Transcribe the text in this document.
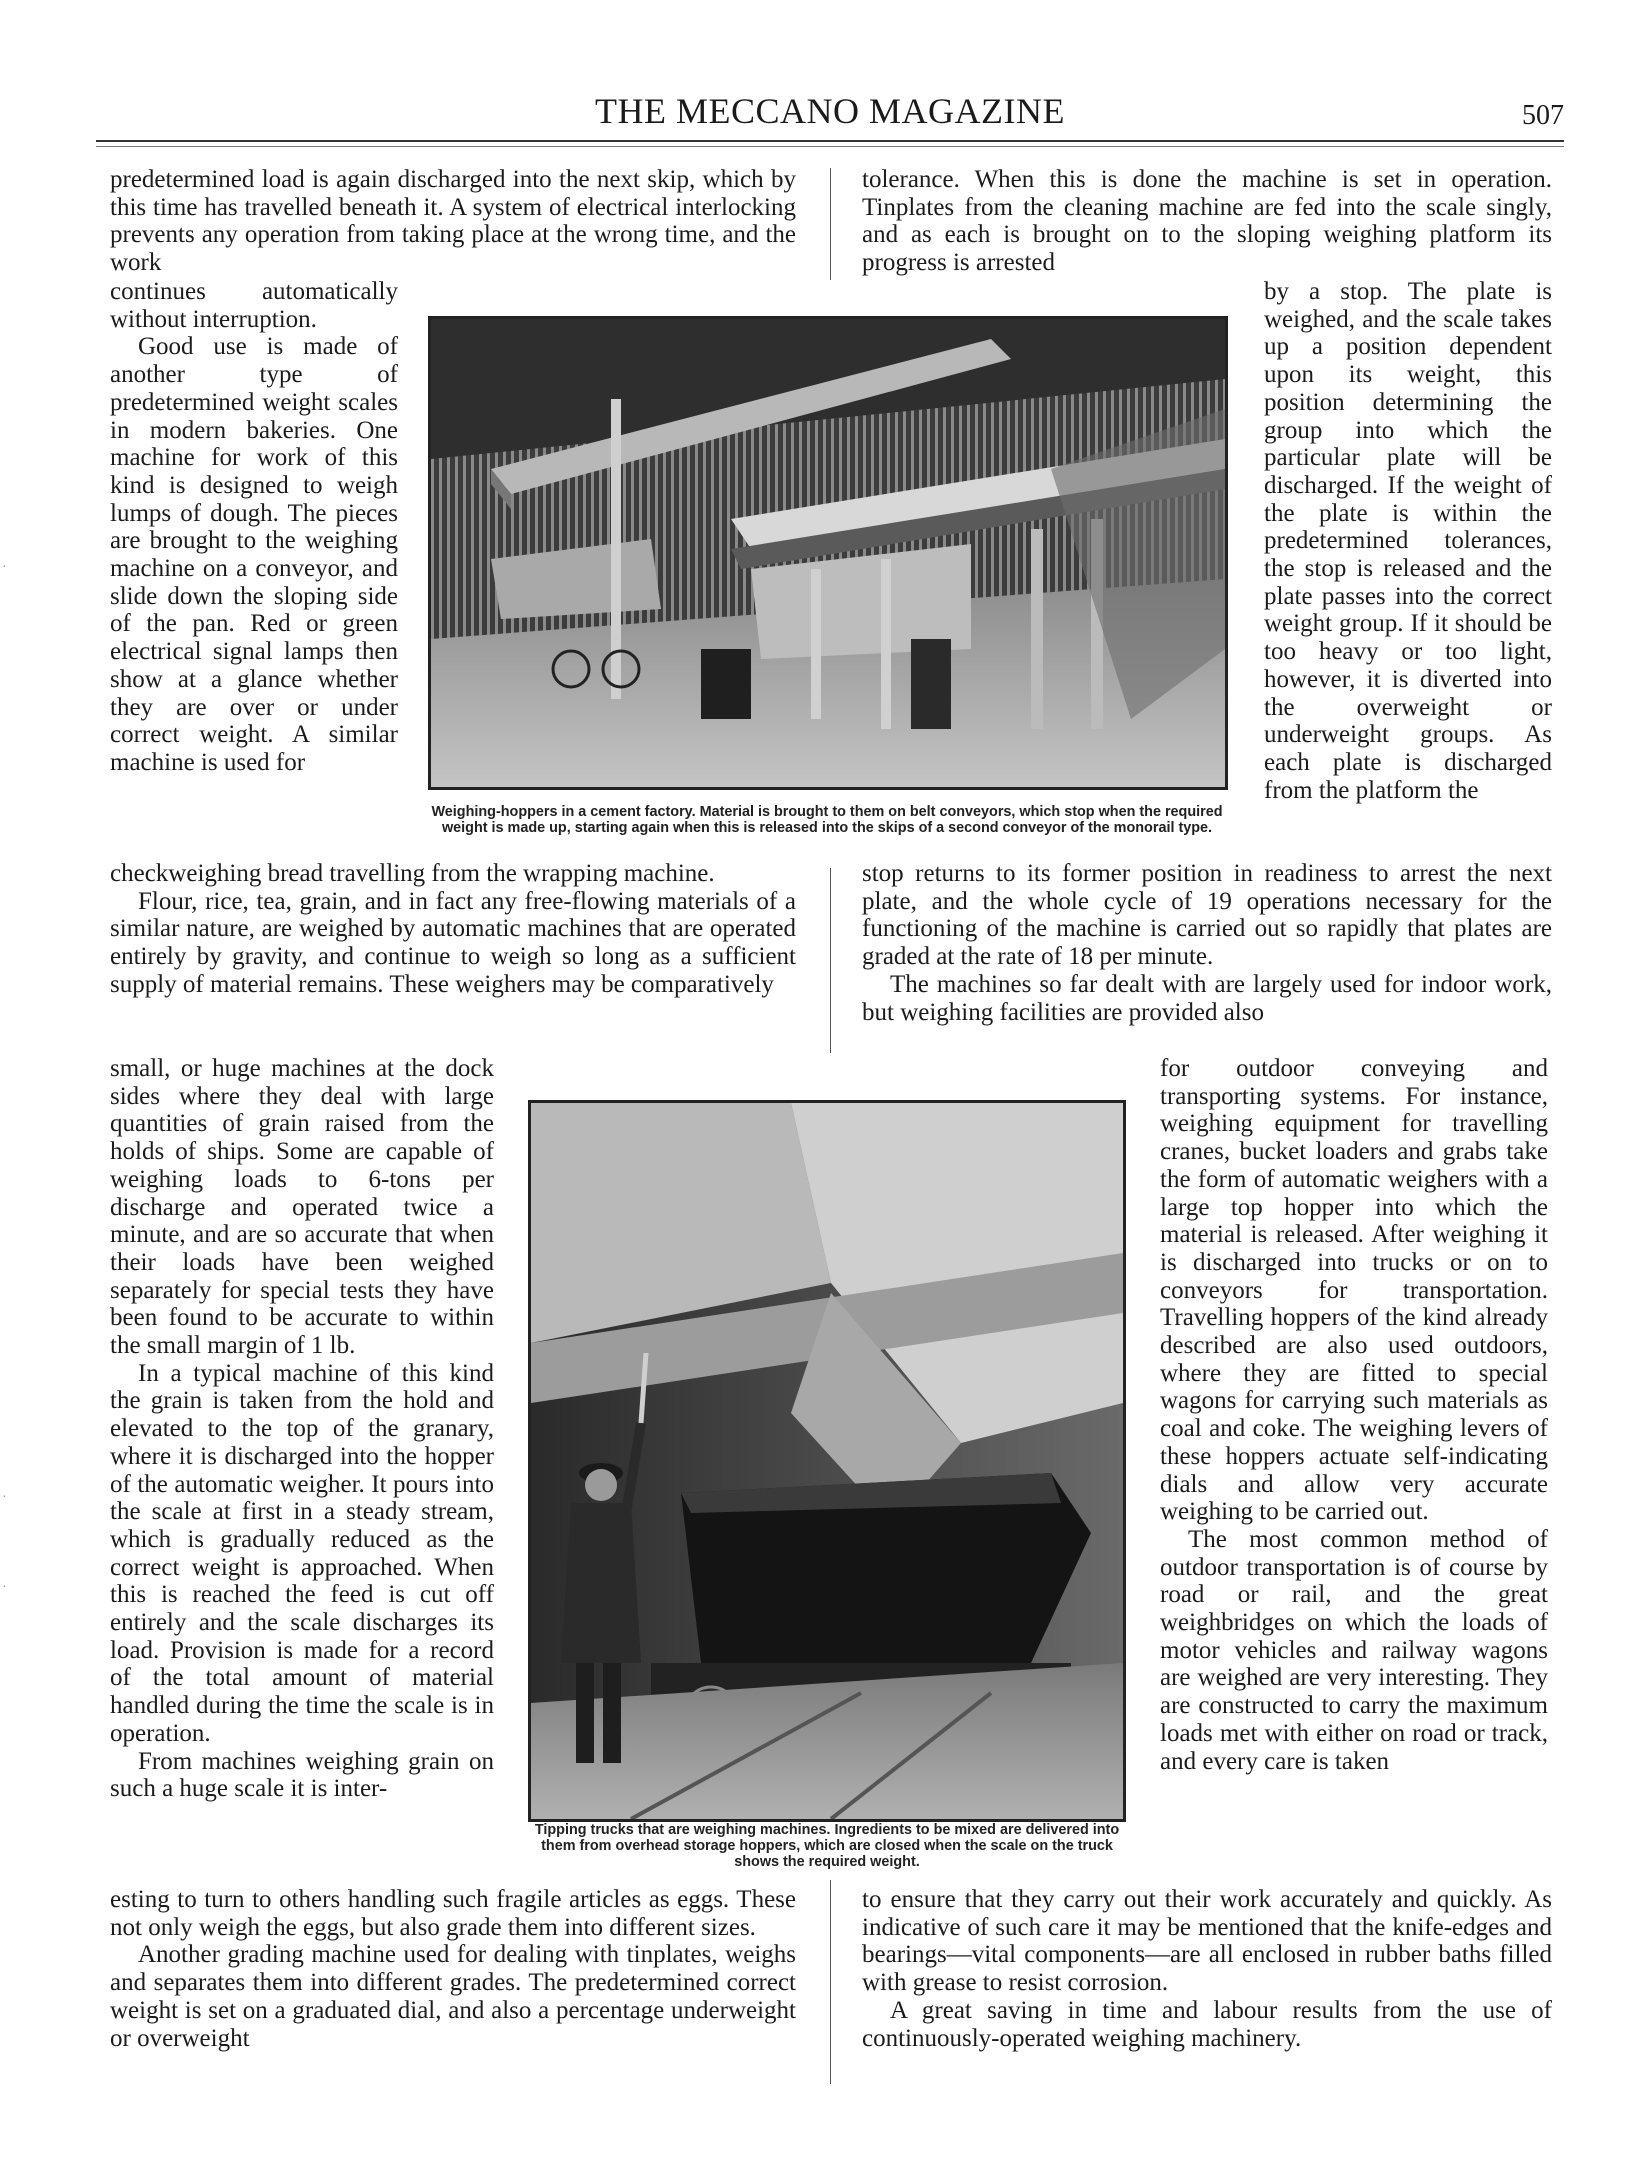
THE MECCANO MAGAZINE	507

predetermined load is again discharged into the next skip, which by this time has travelled beneath it. A system of electrical interlocking prevents any operation from taking place at the wrong time, and the work

continues automatically without interruption.

Good use is made of another type of predetermined weight scales in modern bakeries. One machine for work of this kind is designed to weigh lumps of dough. The pieces are brought to the weighing machine on a conveyor, and slide down the sloping side of the pan. Red or green electrical signal lamps then show at a glance whether they are over or under correct weight. A similar machine is used for

checkweighing bread travelling from the wrapping machine.

Flour, rice, tea, grain, and in fact any free-flowing materials of a similar nature, are weighed by automatic machines that are operated entirely by gravity, and continue to weigh so long as a sufficient supply of material remains. These weighers may be comparatively

small, or huge machines at the dock sides where they deal with large quantities of grain raised from the holds of ships. Some are capable of weighing loads to 6-tons per discharge and operated twice a minute, and are so accurate that when their loads have been weighed separately for special tests they have been found to be accurate to within the small margin of 1 lb.

In a typical machine of this kind the grain is taken from the hold and elevated to the top of the granary, where it is discharged into the hopper of the automatic weigher. It pours into the scale at first in a steady stream, which is gradually reduced as the correct weight is approached. When this is reached the feed is cut off entirely and the scale discharges its load. Provision is made for a record of the total amount of material handled during the time the scale is in operation.

From machines weighing grain on such a huge scale it is inter-

esting to turn to others handling such fragile articles as eggs. These not only weigh the eggs, but also grade them into different sizes.

Another grading machine used for dealing with tinplates, weighs and separates them into different grades. The predetermined correct weight is set on a graduated dial, and also a percentage underweight or overweight

tolerance. When this is done the machine is set in operation. Tinplates from the cleaning machine are fed into the scale singly, and as each is brought on to the sloping weighing platform its progress is arrested

by a stop. The plate is weighed, and the scale takes up a position dependent upon its weight, this position determining the group into which the particular plate will be discharged. If the weight of the plate is within the predetermined tolerances, the stop is released and the plate passes into the correct weight group. If it should be too heavy or too light, however, it is diverted into the overweight or underweight groups. As each plate is discharged from the platform the

stop returns to its former position in readiness to arrest the next plate, and the whole cycle of 19 operations necessary for the functioning of the machine is carried out so rapidly that plates are graded at the rate of 18 per minute.

The machines so far dealt with are largely used for indoor work, but weighing facilities are provided also

for outdoor conveying and transporting systems. For instance, weighing equipment for travelling cranes, bucket loaders and grabs take the form of automatic weighers with a large top hopper into which the material is released. After weighing it is discharged into trucks or on to conveyors for transportation. Travelling hoppers of the kind already described are also used outdoors, where they are fitted to special wagons for carrying such materials as coal and coke. The weighing levers of these hoppers actuate self-indicating dials and allow very accurate weighing to be carried out.

The most common method of outdoor transportation is of course by road or rail, and the great weighbridges on which the loads of motor vehicles and railway wagons are weighed are very interesting. They are constructed to carry the maximum loads met with either on road or track, and every care is taken

to ensure that they carry out their work accurately and quickly. As indicative of such care it may be mentioned that the knife-edges and bearings—vital components—are all enclosed in rubber baths filled with grease to resist corrosion.

A great saving in time and labour results from the use of continuously-operated weighing machinery.

Weighing-hoppers in a cement factory. Material is brought to them on belt conveyors, which stop when the required weight is made up, starting again when this is released into the skips of a second conveyor of the monorail type.
Tipping trucks that are weighing machines. Ingredients to be mixed are delivered into them from overhead storage hoppers, which are closed when the scale on the truck shows the required weight.
·
·
·
